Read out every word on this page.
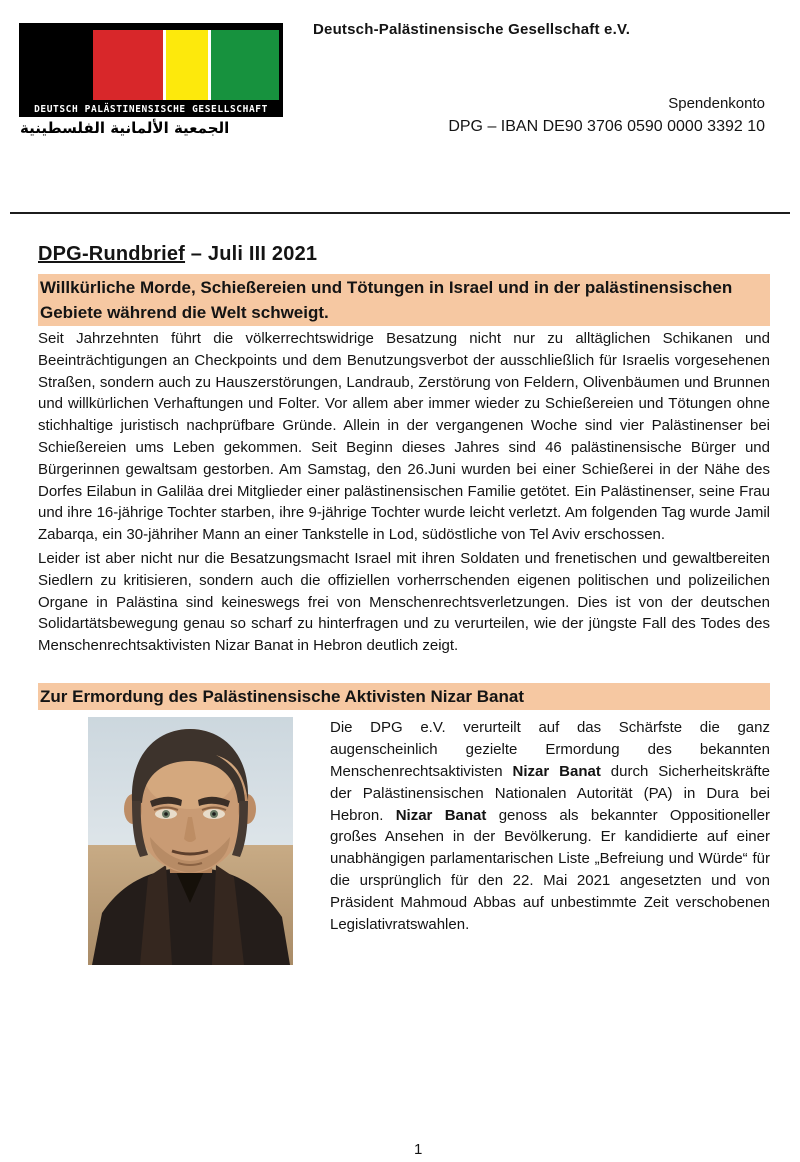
DEUTSCH PALÄSTINENSISCHE GESELLSCHAFT
الجمعية الألمانية الفلسطينية
Deutsch-Palästinensische Gesellschaft e.V.
Spendenkonto
DPG – IBAN DE90 3706 0590 0000 3392 10
DPG-Rundbrief – Juli III 2021
Willkürliche Morde, Schießereien und Tötungen in Israel und in der palästinensischen Gebiete während die Welt schweigt.

Seit Jahrzehnten führt die völkerrechtswidrige Besatzung nicht nur zu alltäglichen Schikanen und Beeinträchtigungen an Checkpoints und dem Benutzungsverbot der ausschließlich für Israelis vorgesehenen Straßen, sondern auch zu Hauszerstörungen, Landraub, Zerstörung von Feldern, Olivenbäumen und Brunnen und willkürlichen Verhaftungen und Folter. Vor allem aber immer wieder zu Schießereien und Tötungen ohne stichhaltige juristisch nachprüfbare Gründe. Allein in der vergangenen Woche sind vier Palästinenser bei Schießereien ums Leben gekommen. Seit Beginn dieses Jahres sind 46 palästinensische Bürger und Bürgerinnen gewaltsam gestorben. Am Samstag, den 26.Juni wurden bei einer Schießerei in der Nähe des Dorfes Eilabun in Galiläa drei Mitglieder einer palästinensischen Familie getötet. Ein Palästinenser, seine Frau und ihre 16-jährige Tochter starben, ihre 9-jährige Tochter wurde leicht verletzt. Am folgenden Tag wurde Jamil Zabarqa, ein 30-jähriher Mann an einer Tankstelle in Lod, südöstliche von Tel Aviv erschossen.

Leider ist aber nicht nur die Besatzungsmacht Israel mit ihren Soldaten und frenetischen und gewaltbereiten Siedlern zu kritisieren, sondern auch die offiziellen vorherrschenden eigenen politischen und polizeilichen Organe in Palästina sind keineswegs frei von Menschenrechtsverletzungen. Dies ist von der deutschen Solidartätsbewegung genau so scharf zu hinterfragen und zu verurteilen, wie der jüngste Fall des Todes des Menschenrechtsaktivisten Nizar Banat in Hebron deutlich zeigt.

Zur Ermordung des Palästinensische Aktivisten Nizar Banat
Die DPG e.V. verurteilt auf das Schärfste die ganz augenscheinlich gezielte Ermordung des bekannten Menschenrechtsaktivisten Nizar Banat durch Sicherheitskräfte der Palästinensischen Nationalen Autorität (PA) in Dura bei Hebron. Nizar Banat genoss als bekannter Oppositioneller großes Ansehen in der Bevölkerung. Er kandidierte auf einer unabhängigen parlamentarischen Liste „Befreiung und Würde“ für die ursprünglich für den 22. Mai 2021 angesetzten und von Präsident Mahmoud Abbas auf unbestimmte Zeit verschobenen Legislativratswahlen.
1
